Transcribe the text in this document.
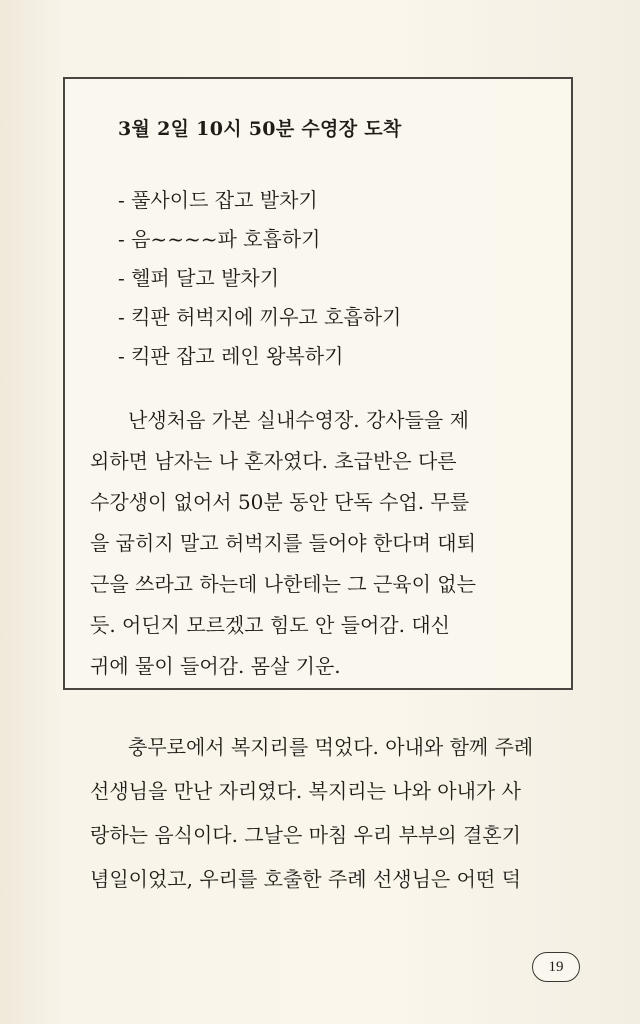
3월 2일 10시 50분 수영장 도착
- 풀사이드 잡고 발차기
- 음~~~~파 호흡하기
- 헬퍼 달고 발차기
- 킥판 허벅지에 끼우고 호흡하기
- 킥판 잡고 레인 왕복하기
난생처음 가본 실내수영장. 강사들을 제
외하면 남자는 나 혼자였다. 초급반은 다른
수강생이 없어서 50분 동안 단독 수업. 무릎
을 굽히지 말고 허벅지를 들어야 한다며 대퇴
근을 쓰라고 하는데 나한테는 그 근육이 없는
듯. 어딘지 모르겠고 힘도 안 들어감. 대신
귀에 물이 들어감. 몸살 기운.
충무로에서 복지리를 먹었다. 아내와 함께 주례
선생님을 만난 자리였다. 복지리는 나와 아내가 사
랑하는 음식이다. 그날은 마침 우리 부부의 결혼기
념일이었고, 우리를 호출한 주례 선생님은 어떤 덕
19
